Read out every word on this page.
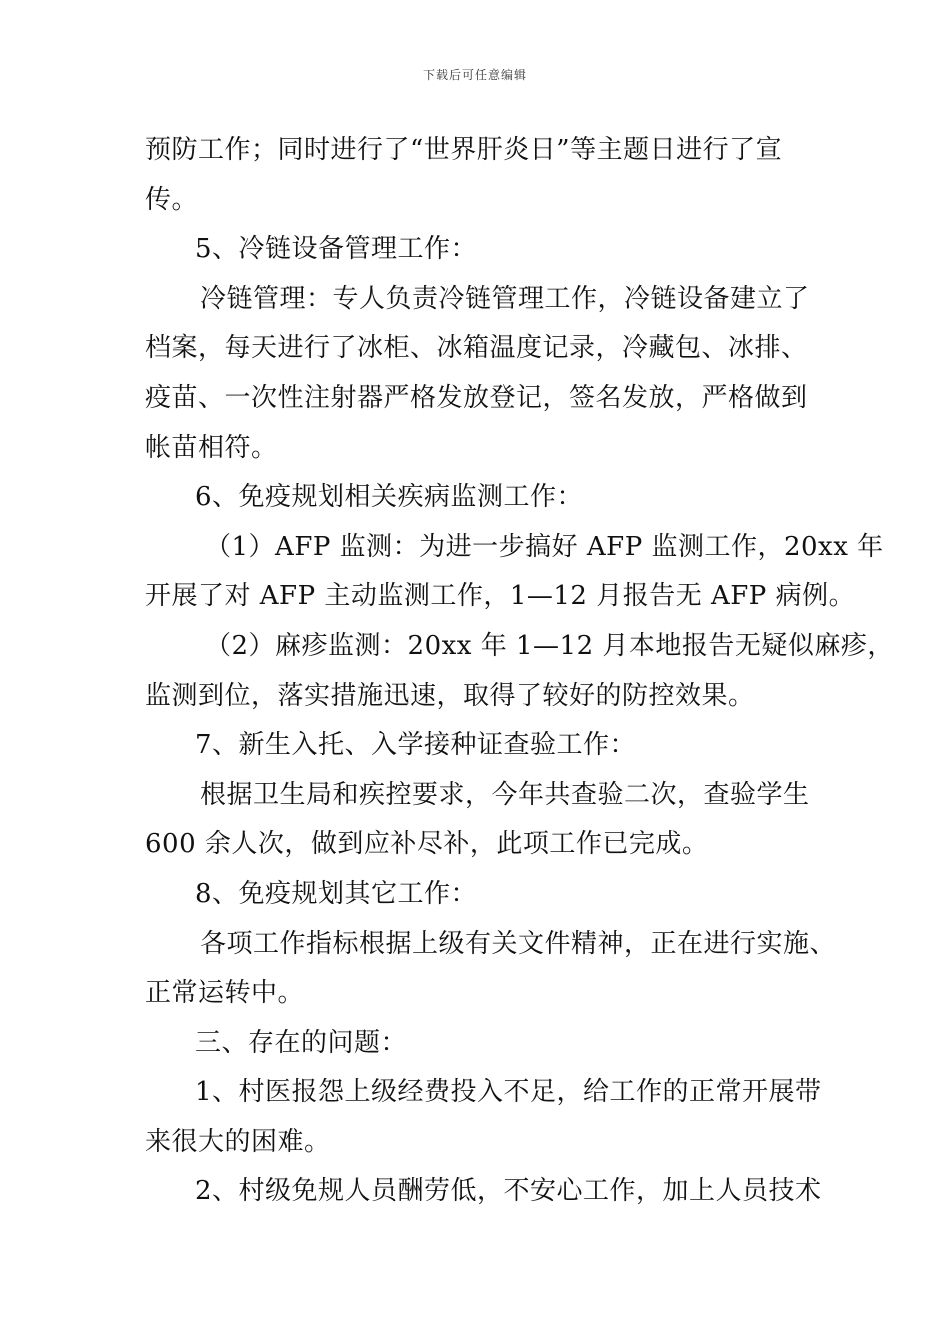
下载后可任意编辑
预防工作；同时进行了“世界肝炎日”等主题日进行了宣
传。
5、冷链设备管理工作：
冷链管理：专人负责冷链管理工作，冷链设备建立了
档案，每天进行了冰柜、冰箱温度记录，冷藏包、冰排、
疫苗、一次性注射器严格发放登记，签名发放，严格做到
帐苗相符。
6、免疫规划相关疾病监测工作：
（1）AFP 监测：为进一步搞好 AFP 监测工作，20xx 年
开展了对 AFP 主动监测工作，1—12 月报告无 AFP 病例。
（2）麻疹监测：20xx 年 1—12 月本地报告无疑似麻疹，
监测到位，落实措施迅速，取得了较好的防控效果。
7、新生入托、入学接种证查验工作：
根据卫生局和疾控要求，今年共查验二次，查验学生
600 余人次，做到应补尽补，此项工作已完成。
8、免疫规划其它工作：
各项工作指标根据上级有关文件精神，正在进行实施、
正常运转中。
三、存在的问题：
1、村医报怨上级经费投入不足，给工作的正常开展带
来很大的困难。
2、村级免规人员酬劳低，不安心工作，加上人员技术
